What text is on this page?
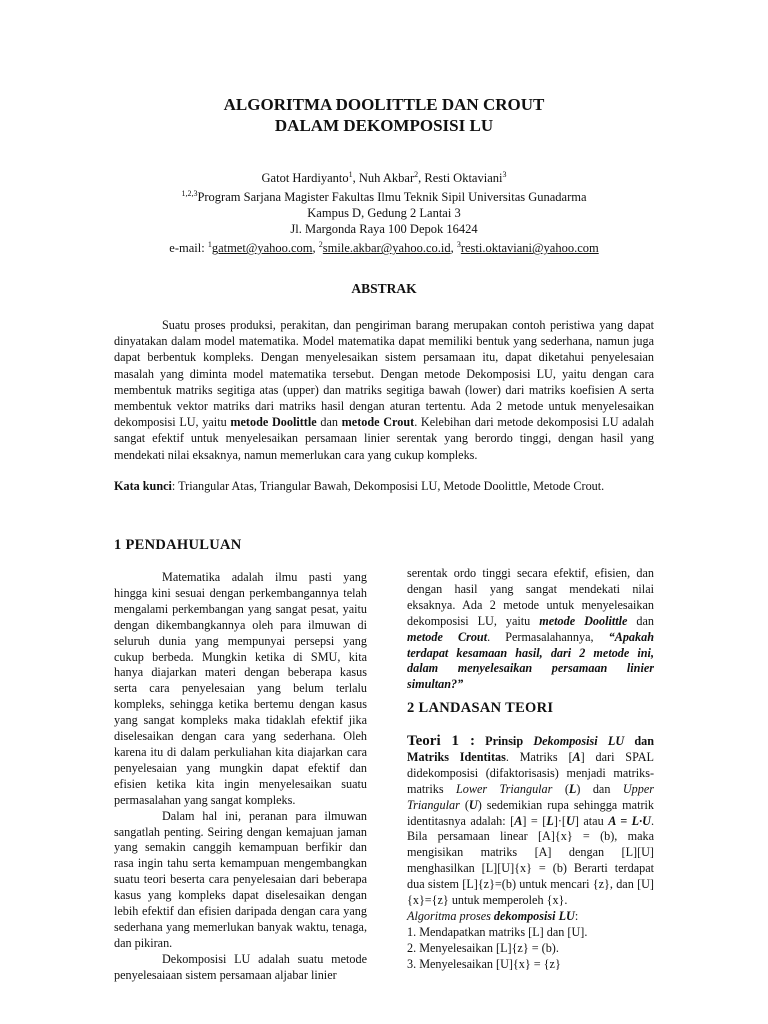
ALGORITMA DOOLITTLE DAN CROUT
DALAM DEKOMPOSISI LU
Gatot Hardiyanto$^1$, Nuh Akbar$^2$, Resti Oktaviani$^3$
$^{1,2,3}$Program Sarjana Magister Fakultas Ilmu Teknik Sipil Universitas Gunadarma
Kampus D, Gedung 2 Lantai 3
Jl. Margonda Raya 100 Depok 16424
e-mail: $^1$gatmet@yahoo.com, $^2$smile.akbar@yahoo.co.id, $^3$resti.oktaviani@yahoo.com
ABSTRAK
Suatu proses produksi, perakitan, dan pengiriman barang merupakan contoh peristiwa yang dapat dinyatakan dalam model matematika. Model matematika dapat memiliki bentuk yang sederhana, namun juga dapat berbentuk kompleks. Dengan menyelesaikan sistem persamaan itu, dapat diketahui penyelesaian masalah yang diminta model matematika tersebut. Dengan metode Dekomposisi LU, yaitu dengan cara membentuk matriks segitiga atas (upper) dan matriks segitiga bawah (lower) dari matriks koefisien A serta membentuk vektor matriks dari matriks hasil dengan aturan tertentu. Ada 2 metode untuk menyelesaikan dekomposisi LU, yaitu metode Doolittle dan metode Crout. Kelebihan dari metode dekomposisi LU adalah sangat efektif untuk menyelesaikan persamaan linier serentak yang berordo tinggi, dengan hasil yang mendekati nilai eksaknya, namun memerlukan cara yang cukup kompleks.
Kata kunci: Triangular Atas, Triangular Bawah, Dekomposisi LU, Metode Doolittle, Metode Crout.
1 PENDAHULUAN

Matematika adalah ilmu pasti yang hingga kini sesuai dengan perkembangannya telah mengalami perkembangan yang sangat pesat, yaitu dengan dikembangkannya oleh para ilmuwan di seluruh dunia yang mempunyai persepsi yang cukup berbeda. Mungkin ketika di SMU, kita hanya diajarkan materi dengan beberapa kasus serta cara penyelesaian yang belum terlalu kompleks, sehingga ketika bertemu dengan kasus yang sangat kompleks maka tidaklah efektif jika diselesaikan dengan cara yang sederhana. Oleh karena itu di dalam perkuliahan kita diajarkan cara penyelesaian yang mungkin dapat efektif dan efisien ketika kita ingin menyelesaikan suatu permasalahan yang sangat kompleks.

Dalam hal ini, peranan para ilmuwan sangatlah penting. Seiring dengan kemajuan jaman yang semakin canggih kemampuan berfikir dan rasa ingin tahu serta kemampuan mengembangkan suatu teori beserta cara penyelesaian dari beberapa kasus yang kompleks dapat diselesaikan dengan lebih efektif dan efisien daripada dengan cara yang sederhana yang memerlukan banyak waktu, tenaga, dan pikiran.

Dekomposisi LU adalah suatu metode penyelesaiaan sistem persamaan aljabar linier

serentak ordo tinggi secara efektif, efisien, dan dengan hasil yang sangat mendekati nilai eksaknya. Ada 2 metode untuk menyelesaikan dekomposisi LU, yaitu metode Doolittle dan metode Crout. Permasalahannya, “Apakah terdapat kesamaan hasil, dari 2 metode ini, dalam menyelesaikan persamaan linier simultan?”

2 LANDASAN TEORI

Teori 1 : Prinsip Dekomposisi LU dan Matriks Identitas. Matriks [A] dari SPAL didekomposisi (difaktorisasis) menjadi matriks-matriks Lower Triangular (L) dan Upper Triangular (U) sedemikian rupa sehingga matrik identitasnya adalah: [A] = [L]·[U] atau A = L·U. Bila persamaan linear [A]{x} = (b), maka mengisikan matriks [A] dengan [L][U] menghasilkan [L][U]{x} = (b) Berarti terdapat dua sistem [L]{z}=(b) untuk mencari {z}, dan [U]{x}={z} untuk memperoleh {x}.

Algoritma proses dekomposisi LU:

1. Mendapatkan matriks [L] dan [U].
2. Menyelesaikan [L]{z} = (b).
3. Menyelesaikan [U]{x} = {z}
